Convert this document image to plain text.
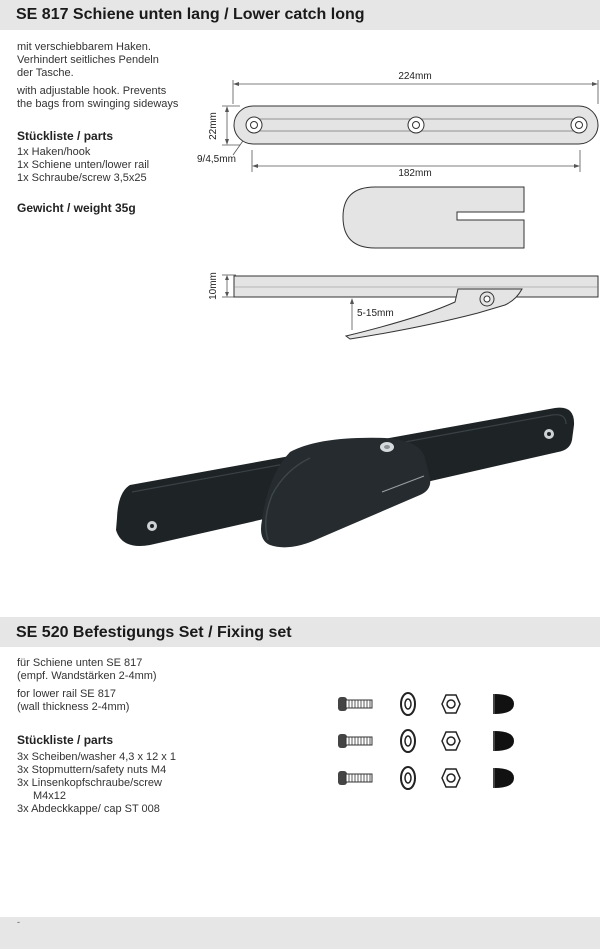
SE 817 Schiene unten lang / Lower catch long
mit verschiebbarem Haken.
Verhindert seitliches Pendeln
der Tasche.
with adjustable hook. Prevents
the bags from swinging sideways
Stückliste / parts
1x Haken/hook
1x Schiene unten/lower rail
1x Schraube/screw 3,5x25
Gewicht / weight 35g
224mm
22mm
9/4,5mm
182mm
10mm
5-15mm
SE 520 Befestigungs Set / Fixing set
für Schiene unten SE 817
(empf. Wandstärken 2-4mm)
for lower rail SE 817
(wall thickness 2-4mm)
Stückliste / parts
3x Scheiben/washer 4,3 x 12 x 1
3x Stopmuttern/safety nuts M4
3x Linsenkopfschraube/screw
M4x12
3x Abdeckkappe/ cap ST 008
-
